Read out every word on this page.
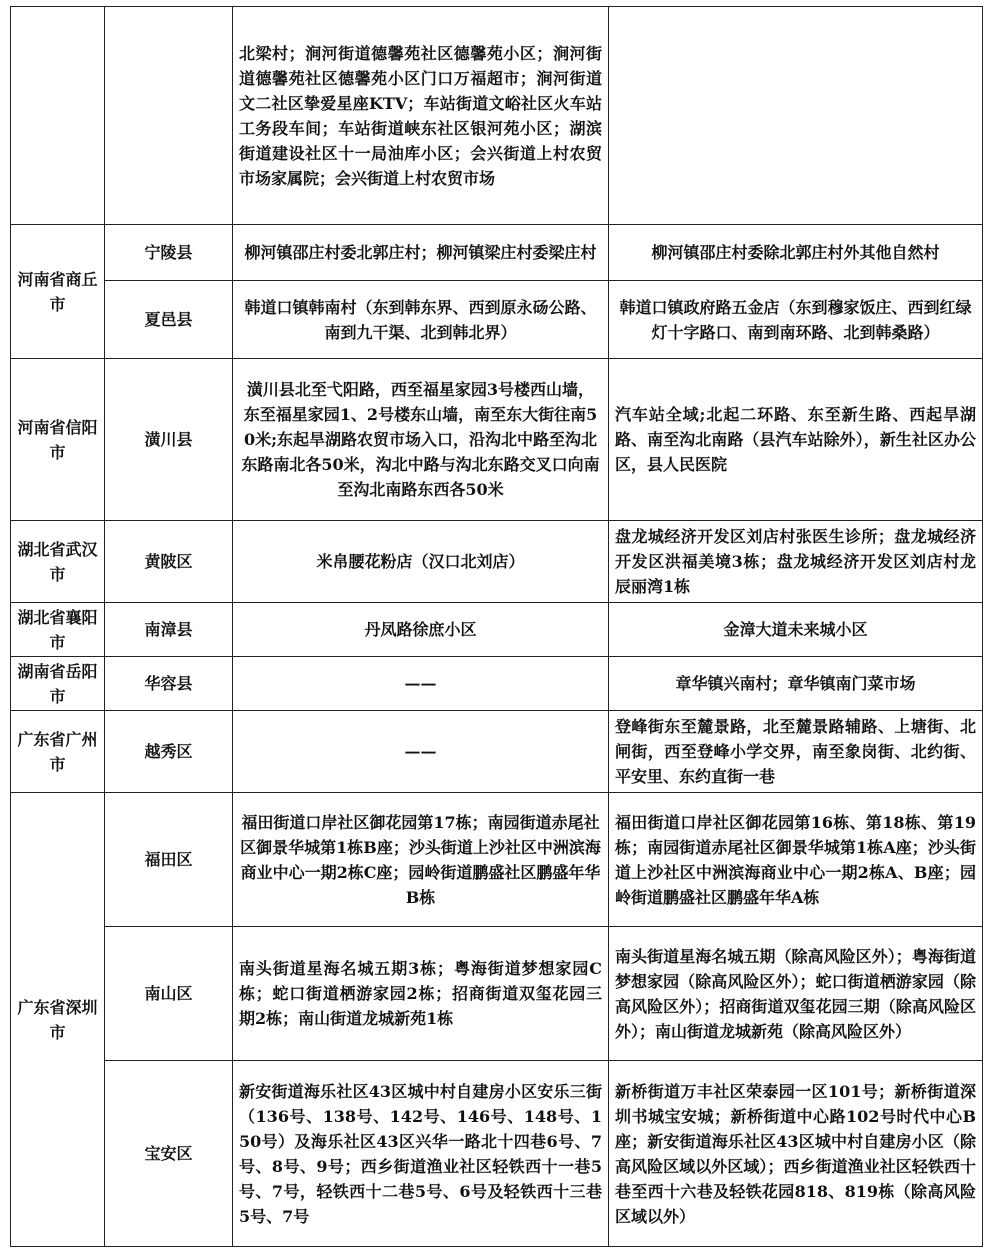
		北梁村；涧河街道德馨苑社区德馨苑小区；涧河街道德馨苑社区德馨苑小区门口万福超市；涧河街道文二社区挚爱星座KTV；车站街道文峪社区火车站工务段车间；车站街道峡东社区银河苑小区；湖滨街道建设社区十一局油库小区；会兴街道上村农贸市场家属院；会兴街道上村农贸市场	
河南省商丘市	宁陵县	柳河镇邵庄村委北郭庄村；柳河镇梁庄村委梁庄村	柳河镇邵庄村委除北郭庄村外其他自然村
	夏邑县	韩道口镇韩南村（东到韩东界、西到原永砀公路、南到九干渠、北到韩北界）	韩道口镇政府路五金店（东到穆家饭庄、西到红绿灯十字路口、南到南环路、北到韩桑路）
河南省信阳市	潢川县	潢川县北至弋阳路，西至福星家园3号楼西山墙，东至福星家园1、2号楼东山墙，南至东大街往南50米;东起旱湖路农贸市场入口，沿沟北中路至沟北东路南北各50米，沟北中路与沟北东路交叉口向南至沟北南路东西各50米	汽车站全域;北起二环路、东至新生路、西起旱湖路、南至沟北南路（县汽车站除外），新生社区办公区，县人民医院
湖北省武汉市	黄陂区	米帛腰花粉店（汉口北刘店）	盘龙城经济开发区刘店村张医生诊所；盘龙城经济开发区洪福美境3栋；盘龙城经济开发区刘店村龙辰丽湾1栋
湖北省襄阳市	南漳县	丹凤路徐庶小区	金漳大道未来城小区
湖南省岳阳市	华容县	——	章华镇兴南村；章华镇南门菜市场
广东省广州市	越秀区	——	登峰街东至麓景路，北至麓景路辅路、上塘街、北闸街，西至登峰小学交界，南至象岗街、北约街、平安里、东约直街一巷
广东省深圳市	福田区	福田街道口岸社区御花园第17栋；南园街道赤尾社区御景华城第1栋B座；沙头街道上沙社区中洲滨海商业中心一期2栋C座；园岭街道鹏盛社区鹏盛年华B栋	福田街道口岸社区御花园第16栋、第18栋、第19栋；南园街道赤尾社区御景华城第1栋A座；沙头街道上沙社区中洲滨海商业中心一期2栋A、B座；园岭街道鹏盛社区鹏盛年华A栋
	南山区	南头街道星海名城五期3栋；粤海街道梦想家园C栋；蛇口街道栖游家园2栋；招商街道双玺花园三期2栋；南山街道龙城新苑1栋	南头街道星海名城五期（除高风险区外）；粤海街道梦想家园（除高风险区外）；蛇口街道栖游家园（除高风险区外）；招商街道双玺花园三期（除高风险区外）；南山街道龙城新苑（除高风险区外）
	宝安区	新安街道海乐社区43区城中村自建房小区安乐三街（136号、138号、142号、146号、148号、150号）及海乐社区43区兴华一路北十四巷6号、7号、8号、9号；西乡街道渔业社区轻铁西十一巷5号、7号，轻铁西十二巷5号、6号及轻铁西十三巷5号、7号	新桥街道万丰社区荣泰园一区101号；新桥街道深圳书城宝安城；新桥街道中心路102号时代中心B座；新安街道海乐社区43区城中村自建房小区（除高风险区域以外区域）；西乡街道渔业社区轻铁西十巷至西十六巷及轻铁花园818、819栋（除高风险区域以外）
